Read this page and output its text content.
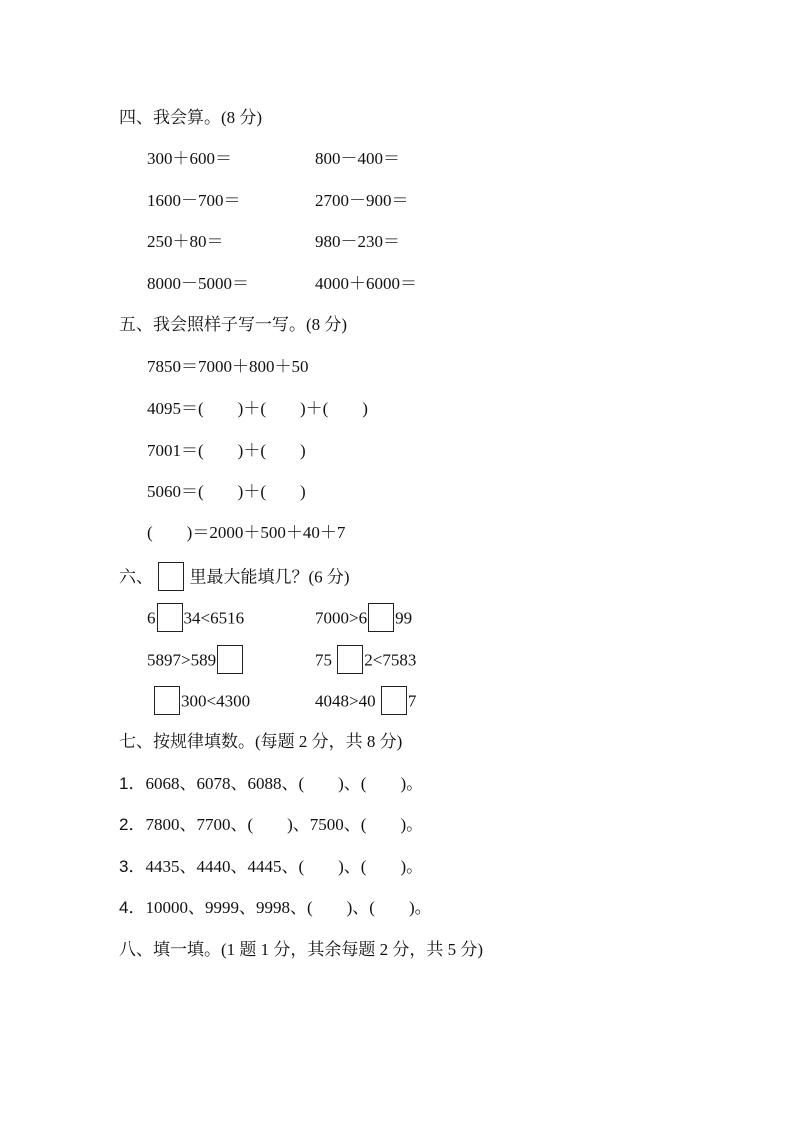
四、我会算。(8 分)
300＋600＝	800－400＝
1600－700＝	2700－900＝
250＋80＝	980－230＝
8000－5000＝	4000＋6000＝
五、我会照样子写一写。(8 分)
7850＝7000＋800＋50
4095＝(　　)＋(　　)＋(　　)
7001＝(　　)＋(　　)
5060＝(　　)＋(　　)
(　　)＝2000＋500＋40＋7
六、 里最大能填几？(6 分)
6 34<6516	7000>6 99
5897>589	75 2<7583
300<4300	4048>40 7
七、按规律填数。(每题 2 分，共 8 分)
1．6068、6078、6088、(　　)、(　　)。
2．7800、7700、(　　)、7500、(　　)。
3．4435、4440、4445、(　　)、(　　)。
4．10000、9999、9998、(　　)、(　　)。
八、填一填。(1 题 1 分，其余每题 2 分，共 5 分)
